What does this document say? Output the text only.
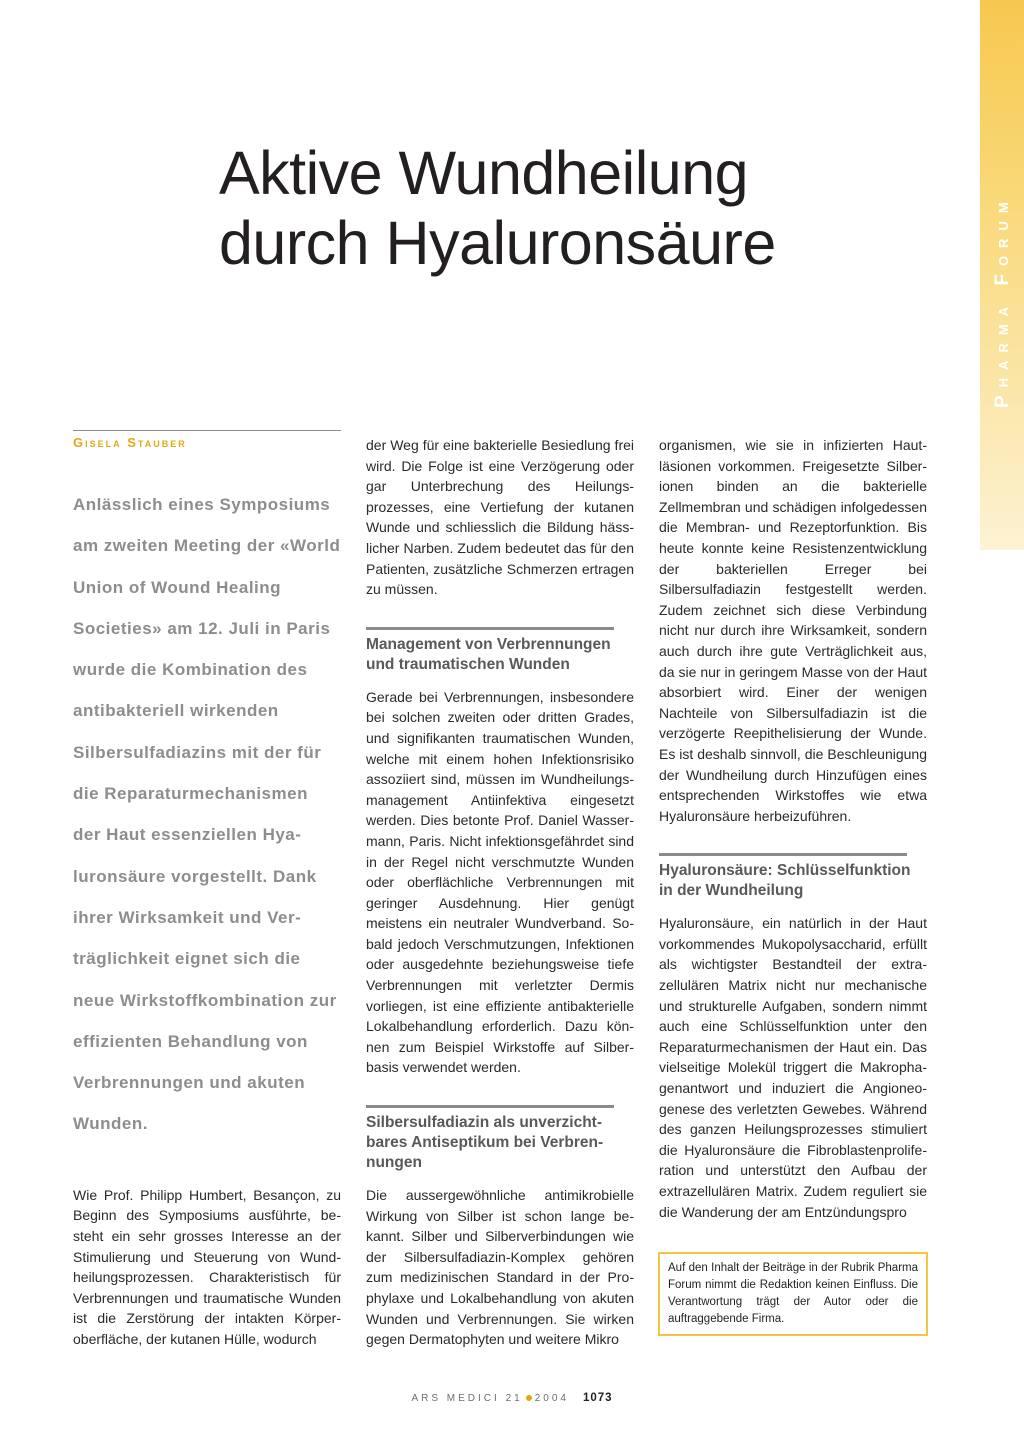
Pharma Forum
Aktive Wundheilung
durch Hyaluronsäure
Gisela Stauber
Anlässlich eines Symposiums am zweiten Meeting der «World Union of Wound Healing Societies» am 12. Juli in Paris wurde die Kombination des antibakteriell wirkenden Silbersulfadiazins mit der für die Reparaturmechanismen der Haut essenziellen Hyaluronsäure vorgestellt. Dank ihrer Wirksamkeit und Verträglichkeit eignet sich die neue Wirkstoffkombination zur effizienten Behandlung von Verbrennungen und akuten Wunden.

Wie Prof. Philipp Humbert, Besançon, zu Beginn des Symposiums ausführte, besteht ein sehr grosses Interesse an der Stimulierung und Steuerung von Wundheilungsprozessen. Charakteristisch für Verbrennungen und traumatische Wunden ist die Zerstörung der intakten Körperoberfläche, der kutanen Hülle, wodurch

der Weg für eine bakterielle Besiedlung frei wird. Die Folge ist eine Verzögerung oder gar Unterbrechung des Heilungsprozesses, eine Vertiefung der kutanen Wunde und schliesslich die Bildung hässlicher Narben. Zudem bedeutet das für den Patienten, zusätzliche Schmerzen ertragen zu müssen.

Management von Verbrennungen und traumatischen Wunden

Gerade bei Verbrennungen, insbesondere bei solchen zweiten oder dritten Grades, und signifikanten traumatischen Wunden, welche mit einem hohen Infektionsrisiko assoziiert sind, müssen im Wundheilungsmanagement Antiinfektiva eingesetzt werden. Dies betonte Prof. Daniel Wassermann, Paris. Nicht infektionsgefährdet sind in der Regel nicht verschmutzte Wunden oder oberflächliche Verbrennungen mit geringer Ausdehnung. Hier genügt meistens ein neutraler Wundverband. Sobald jedoch Verschmutzungen, Infektionen oder ausgedehnte beziehungsweise tiefe Verbrennungen mit verletzter Dermis vorliegen, ist eine effiziente antibakterielle Lokalbehandlung erforderlich. Dazu können zum Beispiel Wirkstoffe auf Silberbasis verwendet werden.

Silbersulfadiazin als unverzichtbares Antiseptikum bei Verbrennungen

Die aussergewöhnliche antimikrobielle Wirkung von Silber ist schon lange bekannt. Silber und Silberverbindungen wie der Silbersulfadiazin-Komplex gehören zum medizinischen Standard in der Prophylaxe und Lokalbehandlung von akuten Wunden und Verbrennungen. Sie wirken gegen Dermatophyten und weitere Mikro

organismen, wie sie in infizierten Hautläsionen vorkommen. Freigesetzte Silberionen binden an die bakterielle Zellmembran und schädigen infolgedessen die Membran- und Rezeptorfunktion. Bis heute konnte keine Resistenzentwicklung der bakteriellen Erreger bei Silbersulfadiazin festgestellt werden. Zudem zeichnet sich diese Verbindung nicht nur durch ihre Wirksamkeit, sondern auch durch ihre gute Verträglichkeit aus, da sie nur in geringem Masse von der Haut absorbiert wird. Einer der wenigen Nachteile von Silbersulfadiazin ist die verzögerte Reepithelisierung der Wunde. Es ist deshalb sinnvoll, die Beschleunigung der Wundheilung durch Hinzufügen eines entsprechenden Wirkstoffes wie etwa Hyaluronsäure herbeizuführen.

Hyaluronsäure: Schlüsselfunktion in der Wundheilung

Hyaluronsäure, ein natürlich in der Haut vorkommendes Mukopolysaccharid, erfüllt als wichtigster Bestandteil der extrazellulären Matrix nicht nur mechanische und strukturelle Aufgaben, sondern nimmt auch eine Schlüsselfunktion unter den Reparaturmechanismen der Haut ein. Das vielseitige Molekül triggert die Makrophagenantwort und induziert die Angioneogenese des verletzten Gewebes. Während des ganzen Heilungsprozesses stimuliert die Hyaluronsäure die Fibroblastenproliferation und unterstützt den Aufbau der extrazellulären Matrix. Zudem reguliert sie die Wanderung der am Entzündungspro

Auf den Inhalt der Beiträge in der Rubrik Pharma Forum nimmt die Redaktion keinen Einfluss. Die Verantwortung trägt der Autor oder die auftraggebende Firma.
ARS MEDICI 21 2004 1073
